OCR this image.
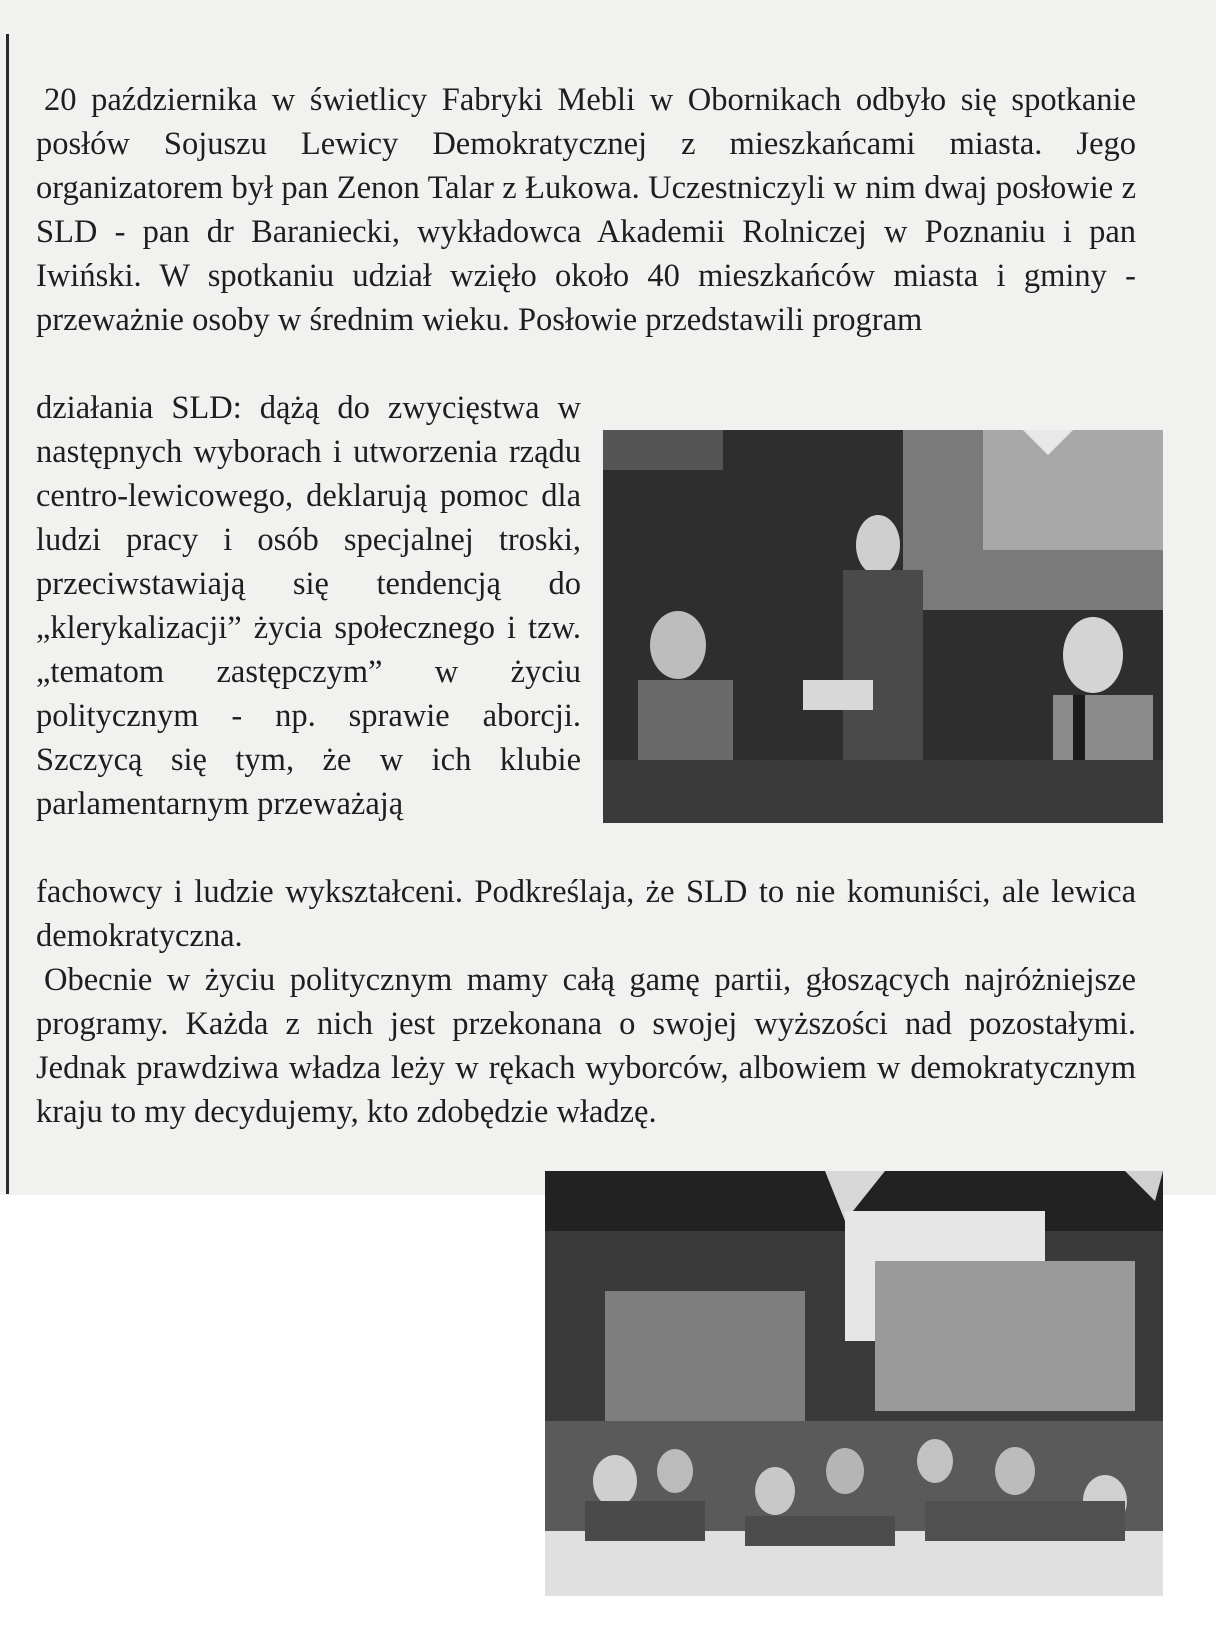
20 października w świetlicy Fabryki Mebli w Obornikach odbyło się spotkanie posłów Sojuszu Lewicy Demokratycznej z mieszkańcami miasta. Jego organizatorem był pan Zenon Talar z Łukowa. Uczestniczyli w nim dwaj posłowie z SLD - pan dr Baraniecki, wykładowca Akademii Rolniczej w Poznaniu i pan Iwiński. W spotkaniu udział wzięło około 40 mieszkańców miasta i gminy - przeważnie osoby w średnim wieku. Posłowie przedstawili program

działania SLD: dążą do zwycięstwa w następnych wyborach i utworzenia rządu centro-lewicowego, deklarują pomoc dla ludzi pracy i osób specjalnej troski, przeciwstawiają się tendencją do „klerykalizacji” życia społecznego i tzw. „tematom zastępczym” w życiu politycznym - np. sprawie aborcji. Szczycą się tym, że w ich klubie parlamentarnym przeważają

fachowcy i ludzie wykształceni. Podkreślaja, że SLD to nie komuniści, ale lewica demokratyczna.

Obecnie w życiu politycznym mamy całą gamę partii, głoszących najróżniejsze programy. Każda z nich jest przekonana o swojej wyższości nad pozostałymi. Jednak prawdziwa władza leży w rękach wyborców, albowiem w demokratycznym kraju to my decydujemy, kto zdobędzie władzę.
